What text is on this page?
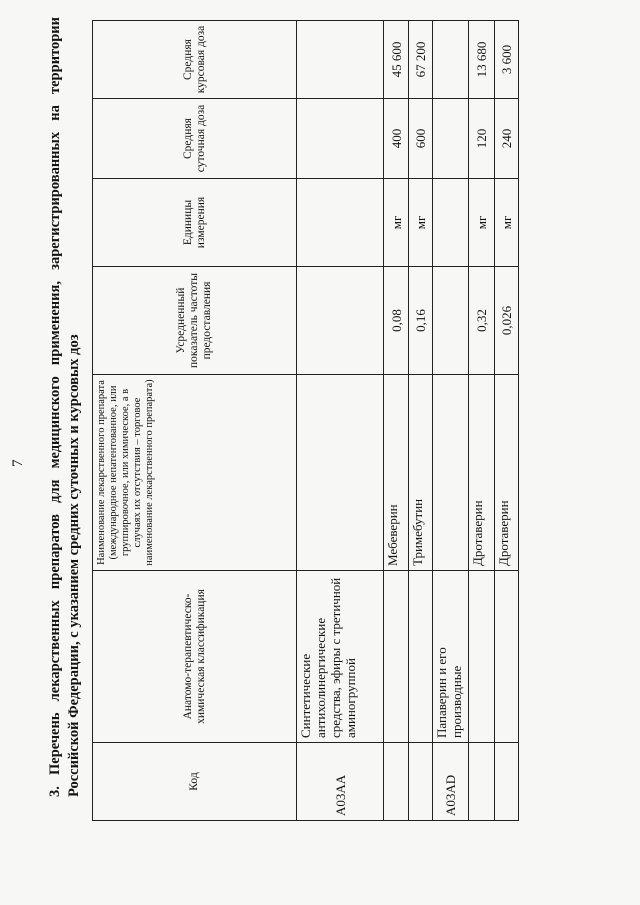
7 3. Перечень лекарственных препаратов для медицинского применения, зарегистрированных на территории Российской Федерации, с указанием средних суточных и курсовых доз	Код	Анатомо-терапевтическо-химическая классификация	Наименование лекарственного препарата (международное непатентованное, или группировочное, или химическое, а в случаях их отсутствия – торговое наименование лекарственного препарата)	Усредненный показатель частоты предоставления	Единицы измерения	Средняя суточная доза	Средняя курсовая доза
A03AA	Синтетические антихолинергические средства, эфиры с третичной аминогруппой					
		Мебеверин	0,08	мг	400	45 600
		Тримебутин	0,16	мг	600	67 200
A03AD	Папаверин и его производные					
		Дротаверин	0,32	мг	120	13 680
		Дротаверин	0,026	мг	240	3 600
